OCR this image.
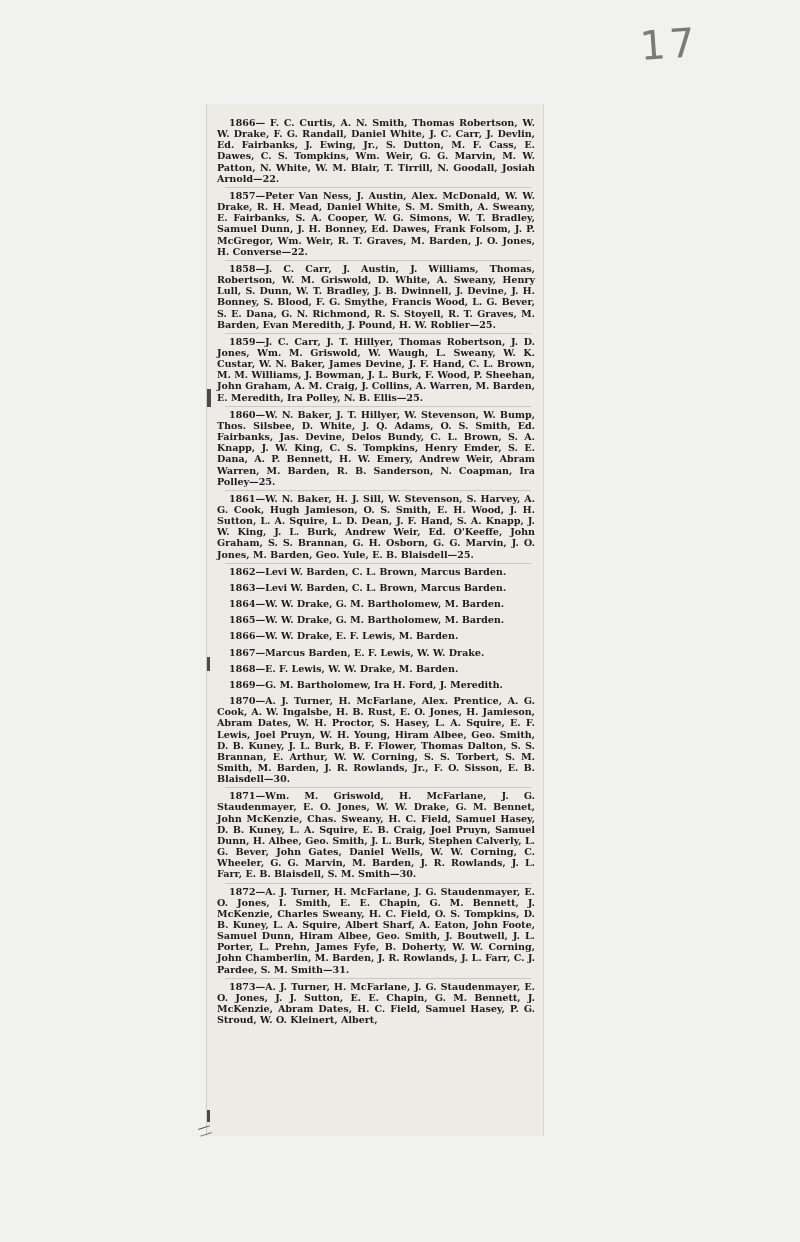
17

1866— F. C. Curtis, A. N. Smith, Thomas Robertson, W. W. Drake, F. G. Randall, Daniel White, J. C. Carr, J. Devlin, Ed. Fairbanks, J. Ewing, Jr., S. Dutton, M. F. Cass, E. Dawes, C. S. Tompkins, Wm. Weir, G. G. Marvin, M. W. Patton, N. White, W. M. Blair, T. Tirrill, N. Goodall, Josiah Arnold—22.

1857—Peter Van Ness, J. Austin, Alex. McDonald, W. W. Drake, R. H. Mead, Daniel White, S. M. Smith, A. Sweany, E. Fairbanks, S. A. Cooper, W. G. Simons, W. T. Bradley, Samuel Dunn, J. H. Bonney, Ed. Dawes, Frank Folsom, J. P. McGregor, Wm. Weir, R. T. Graves, M. Barden, J. O. Jones, H. Converse—22.

1858—J. C. Carr, J. Austin, J. Williams, Thomas, Robertson, W. M. Griswold, D. White, A. Sweany, Henry Lull, S. Dunn, W. T. Bradley, J. B. Dwinnell, J. Devine, J. H. Bonney, S. Blood, F. G. Smythe, Francis Wood, L. G. Bever, S. E. Dana, G. N. Richmond, R. S. Stoyell, R. T. Graves, M. Barden, Evan Meredith, J. Pound, H. W. Roblier—25.

1859—J. C. Carr, J. T. Hillyer, Thomas Robertson, J. D. Jones, Wm. M. Griswold, W. Waugh, L. Sweany, W. K. Custar, W. N. Baker, James Devine, J. F. Hand, C. L. Brown, M. M. Williams, J. Bowman, J. L. Burk, F. Wood, P. Sheehan, John Graham, A. M. Craig, J. Collins, A. Warren, M. Barden, E. Meredith, Ira Polley, N. B. Ellis—25.

1860—W. N. Baker, J. T. Hillyer, W. Stevenson, W. Bump, Thos. Silsbee, D. White, J. Q. Adams, O. S. Smith, Ed. Fairbanks, Jas. Devine, Delos Bundy, C. L. Brown, S. A. Knapp, J. W. King, C. S. Tompkins, Henry Emder, S. E. Dana, A. P. Bennett, H. W. Emery, Andrew Weir, Abram Warren, M. Barden, R. B. Sanderson, N. Coapman, Ira Polley—25.

1861—W. N. Baker, H. J. Sill, W. Stevenson, S. Harvey, A. G. Cook, Hugh Jamieson, O. S. Smith, E. H. Wood, J. H. Sutton, L. A. Squire, L. D. Dean, J. F. Hand, S. A. Knapp, J. W. King, J. L. Burk, Andrew Weir, Ed. O'Keeffe, John Graham, S. S. Brannan, G. H. Osborn, G. G. Marvin, J. O. Jones, M. Barden, Geo. Yule, E. B. Blaisdell—25.

1862—Levi W. Barden, C. L. Brown, Marcus Barden.

1863—Levi W. Barden, C. L. Brown, Marcus Barden.

1864—W. W. Drake, G. M. Bartholomew, M. Barden.

1865—W. W. Drake, G. M. Bartholomew, M. Barden.

1866—W. W. Drake, E. F. Lewis, M. Barden.

1867—Marcus Barden, E. F. Lewis, W. W. Drake.

1868—E. F. Lewis, W. W. Drake, M. Barden.

1869—G. M. Bartholomew, Ira H. Ford, J. Meredith.

1870—A. J. Turner, H. McFarlane, Alex. Prentice, A. G. Cook, A. W. Ingalsbe, H. B. Rust, E. O. Jones, H. Jamieson, Abram Dates, W. H. Proctor, S. Hasey, L. A. Squire, E. F. Lewis, Joel Pruyn, W. H. Young, Hiram Albee, Geo. Smith, D. B. Kuney, J. L. Burk, B. F. Flower, Thomas Dalton, S. S. Brannan, E. Arthur, W. W. Corning, S. S. Torbert, S. M. Smith, M. Barden, J. R. Rowlands, Jr., F. O. Sisson, E. B. Blaisdell—30.

1871—Wm. M. Griswold, H. McFarlane, J. G. Staudenmayer, E. O. Jones, W. W. Drake, G. M. Bennet, John McKenzie, Chas. Sweany, H. C. Field, Samuel Hasey, D. B. Kuney, L. A. Squire, E. B. Craig, Joel Pruyn, Samuel Dunn, H. Albee, Geo. Smith, J. L. Burk, Stephen Calverly, L. G. Bever, John Gates, Daniel Wells, W. W. Corning, C. Wheeler, G. G. Marvin, M. Barden, J. R. Rowlands, J. L. Farr, E. B. Blaisdell, S. M. Smith—30.

1872—A. J. Turner, H. McFarlane, J. G. Staudenmayer, E. O. Jones, I. Smith, E. E. Chapin, G. M. Bennett, J. McKenzie, Charles Sweany, H. C. Field, O. S. Tompkins, D. B. Kuney, L. A. Squire, Albert Sharf, A. Eaton, John Foote, Samuel Dunn, Hiram Albee, Geo. Smith, J. Boutwell, J. L. Porter, L. Prehn, James Fyfe, B. Doherty, W. W. Corning, John Chamberlin, M. Barden, J. R. Rowlands, J. L. Farr, C. J. Pardee, S. M. Smith—31.

1873—A. J. Turner, H. McFarlane, J. G. Staudenmayer, E. O. Jones, J. J. Sutton, E. E. Chapin, G. M. Bennett, J. McKenzie, Abram Dates, H. C. Field, Samuel Hasey, P. G. Stroud, W. O. Kleinert, Albert,
